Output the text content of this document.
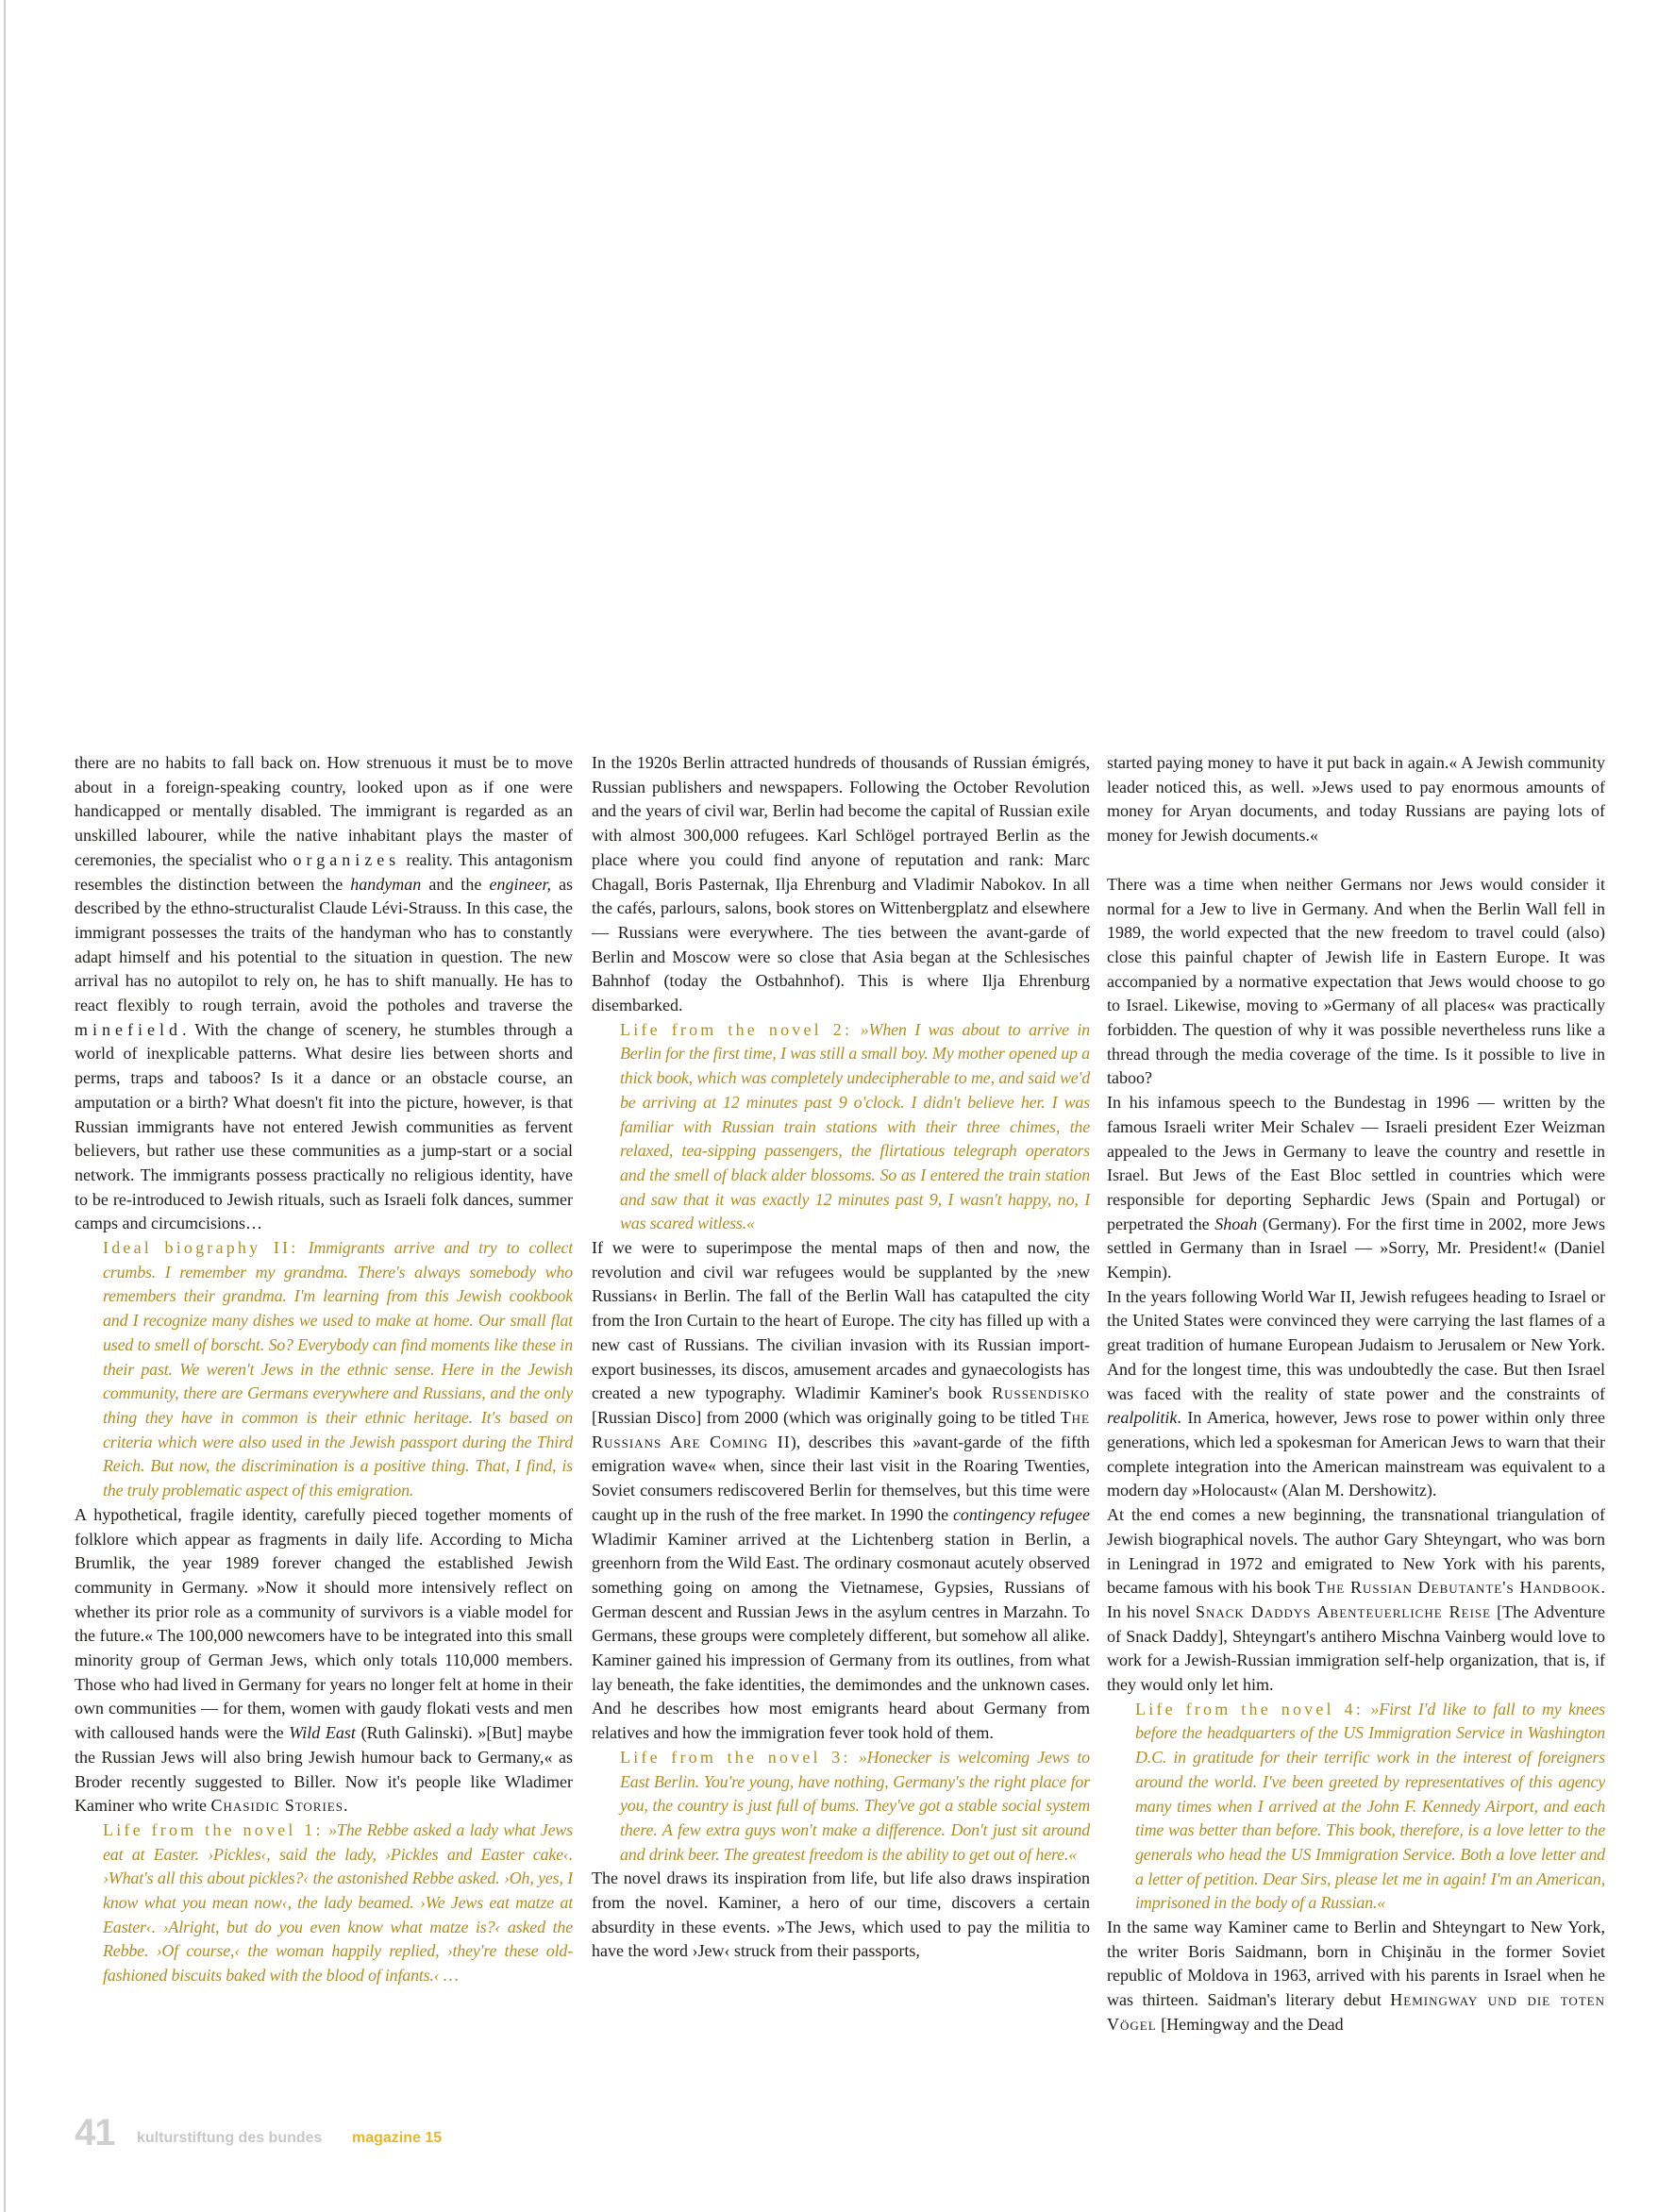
there are no habits to fall back on. How strenuous it must be to move about in a foreign-speaking country, looked upon as if one were handicapped or mentally disabled. The immigrant is regarded as an unskilled labourer, while the native inhabitant plays the master of ceremonies, the specialist who organizes reality. This antagonism resembles the distinction between the handyman and the engineer, as described by the ethno-structuralist Claude Lévi-Strauss. In this case, the immigrant possesses the traits of the handyman who has to constantly adapt himself and his potential to the situation in question. The new arrival has no autopilot to rely on, he has to shift manually. He has to react flexibly to rough terrain, avoid the potholes and traverse the minefield. With the change of scenery, he stumbles through a world of inexplicable patterns. What desire lies between shorts and perms, traps and taboos? Is it a dance or an obstacle course, an amputation or a birth? What doesn't fit into the picture, however, is that Russian immigrants have not entered Jewish communities as fervent believers, but rather use these communities as a jump-start or a social network. The immigrants possess practically no religious identity, have to be re-introduced to Jewish rituals, such as Israeli folk dances, summer camps and circumcisions…

Ideal biography II: Immigrants arrive and try to collect crumbs. I remember my grandma. There's always somebody who remembers their grandma. I'm learning from this Jewish cookbook and I recognize many dishes we used to make at home. Our small flat used to smell of borscht. So? Everybody can find moments like these in their past. We weren't Jews in the ethnic sense. Here in the Jewish community, there are Germans everywhere and Russians, and the only thing they have in common is their ethnic heritage. It's based on criteria which were also used in the Jewish passport during the Third Reich. But now, the discrimination is a positive thing. That, I find, is the truly problematic aspect of this emigration.

A hypothetical, fragile identity, carefully pieced together moments of folklore which appear as fragments in daily life. According to Micha Brumlik, the year 1989 forever changed the established Jewish community in Germany. »Now it should more intensively reflect on whether its prior role as a community of survivors is a viable model for the future.« The 100,000 newcomers have to be integrated into this small minority group of German Jews, which only totals 110,000 members. Those who had lived in Germany for years no longer felt at home in their own communities — for them, women with gaudy flokati vests and men with calloused hands were the Wild East (Ruth Galinski). »[But] maybe the Russian Jews will also bring Jewish humour back to Germany,« as Broder recently suggested to Biller. Now it's people like Wladimer Kaminer who write Chasidic Stories.

Life from the novel 1: »The Rebbe asked a lady what Jews eat at Easter. ›Pickles‹, said the lady, ›Pickles and Easter cake‹. ›What's all this about pickles?‹ the astonished Rebbe asked. ›Oh, yes, I know what you mean now‹, the lady beamed. ›We Jews eat matze at Easter‹. ›Alright, but do you even know what matze is?‹ asked the Rebbe. ›Of course,‹ the woman happily replied, ›they're these old-fashioned biscuits baked with the blood of infants.‹ …

In the 1920s Berlin attracted hundreds of thousands of Russian émigrés, Russian publishers and newspapers. Following the October Revolution and the years of civil war, Berlin had become the capital of Russian exile with almost 300,000 refugees. Karl Schlögel portrayed Berlin as the place where you could find anyone of reputation and rank: Marc Chagall, Boris Pasternak, Ilja Ehrenburg and Vladimir Nabokov. In all the cafés, parlours, salons, book stores on Wittenbergplatz and elsewhere — Russians were everywhere. The ties between the avant-garde of Berlin and Moscow were so close that Asia began at the Schlesisches Bahnhof (today the Ostbahnhof). This is where Ilja Ehrenburg disembarked.

Life from the novel 2: »When I was about to arrive in Berlin for the first time, I was still a small boy. My mother opened up a thick book, which was completely undecipherable to me, and said we'd be arriving at 12 minutes past 9 o'clock. I didn't believe her. I was familiar with Russian train stations with their three chimes, the relaxed, tea-sipping passengers, the flirtatious telegraph operators and the smell of black alder blossoms. So as I entered the train station and saw that it was exactly 12 minutes past 9, I wasn't happy, no, I was scared witless.«

If we were to superimpose the mental maps of then and now, the revolution and civil war refugees would be supplanted by the ›new Russians‹ in Berlin. The fall of the Berlin Wall has catapulted the city from the Iron Curtain to the heart of Europe. The city has filled up with a new cast of Russians. The civilian invasion with its Russian import-export businesses, its discos, amusement arcades and gynaecologists has created a new typography. Wladimir Kaminer's book Russendisko [Russian Disco] from 2000 (which was originally going to be titled The Russians Are Coming II), describes this »avant-garde of the fifth emigration wave« when, since their last visit in the Roaring Twenties, Soviet consumers rediscovered Berlin for themselves, but this time were caught up in the rush of the free market. In 1990 the contingency refugee Wladimir Kaminer arrived at the Lichtenberg station in Berlin, a greenhorn from the Wild East. The ordinary cosmonaut acutely observed something going on among the Vietnamese, Gypsies, Russians of German descent and Russian Jews in the asylum centres in Marzahn. To Germans, these groups were completely different, but somehow all alike. Kaminer gained his impression of Germany from its outlines, from what lay beneath, the fake identities, the demimondes and the unknown cases. And he describes how most emigrants heard about Germany from relatives and how the immigration fever took hold of them.

Life from the novel 3: »Honecker is welcoming Jews to East Berlin. You're young, have nothing, Germany's the right place for you, the country is just full of bums. They've got a stable social system there. A few extra guys won't make a difference. Don't just sit around and drink beer. The greatest freedom is the ability to get out of here.«

The novel draws its inspiration from life, but life also draws inspiration from the novel. Kaminer, a hero of our time, discovers a certain absurdity in these events. »The Jews, which used to pay the militia to have the word ›Jew‹ struck from their passports,

started paying money to have it put back in again.« A Jewish community leader noticed this, as well. »Jews used to pay enormous amounts of money for Aryan documents, and today Russians are paying lots of money for Jewish documents.«

There was a time when neither Germans nor Jews would consider it normal for a Jew to live in Germany. And when the Berlin Wall fell in 1989, the world expected that the new freedom to travel could (also) close this painful chapter of Jewish life in Eastern Europe. It was accompanied by a normative expectation that Jews would choose to go to Israel. Likewise, moving to »Germany of all places« was practically forbidden. The question of why it was possible nevertheless runs like a thread through the media coverage of the time. Is it possible to live in taboo?

In his infamous speech to the Bundestag in 1996 — written by the famous Israeli writer Meir Schalev — Israeli president Ezer Weizman appealed to the Jews in Germany to leave the country and resettle in Israel. But Jews of the East Bloc settled in countries which were responsible for deporting Sephardic Jews (Spain and Portugal) or perpetrated the Shoah (Germany). For the first time in 2002, more Jews settled in Germany than in Israel — »Sorry, Mr. President!« (Daniel Kempin).

In the years following World War II, Jewish refugees heading to Israel or the United States were convinced they were carrying the last flames of a great tradition of humane European Judaism to Jerusalem or New York. And for the longest time, this was undoubtedly the case. But then Israel was faced with the reality of state power and the constraints of realpolitik. In America, however, Jews rose to power within only three generations, which led a spokesman for American Jews to warn that their complete integration into the American mainstream was equivalent to a modern day »Holocaust« (Alan M. Dershowitz).

At the end comes a new beginning, the transnational triangulation of Jewish biographical novels. The author Gary Shteyngart, who was born in Leningrad in 1972 and emigrated to New York with his parents, became famous with his book The Russian Debutante's Handbook. In his novel Snack Daddys Abenteuerliche Reise [The Adventure of Snack Daddy], Shteyngart's antihero Mischna Vainberg would love to work for a Jewish-Russian immigration self-help organization, that is, if they would only let him.

Life from the novel 4: »First I'd like to fall to my knees before the headquarters of the US Immigration Service in Washington D.C. in gratitude for their terrific work in the interest of foreigners around the world. I've been greeted by representatives of this agency many times when I arrived at the John F. Kennedy Airport, and each time was better than before. This book, therefore, is a love letter to the generals who head the US Immigration Service. Both a love letter and a letter of petition. Dear Sirs, please let me in again! I'm an American, imprisoned in the body of a Russian.«

In the same way Kaminer came to Berlin and Shteyngart to New York, the writer Boris Saidmann, born in Chişinău in the former Soviet republic of Moldova in 1963, arrived with his parents in Israel when he was thirteen. Saidman's literary debut Hemingway und die toten Vögel [Hemingway and the Dead

41 kulturstiftung des bundes magazine 15
